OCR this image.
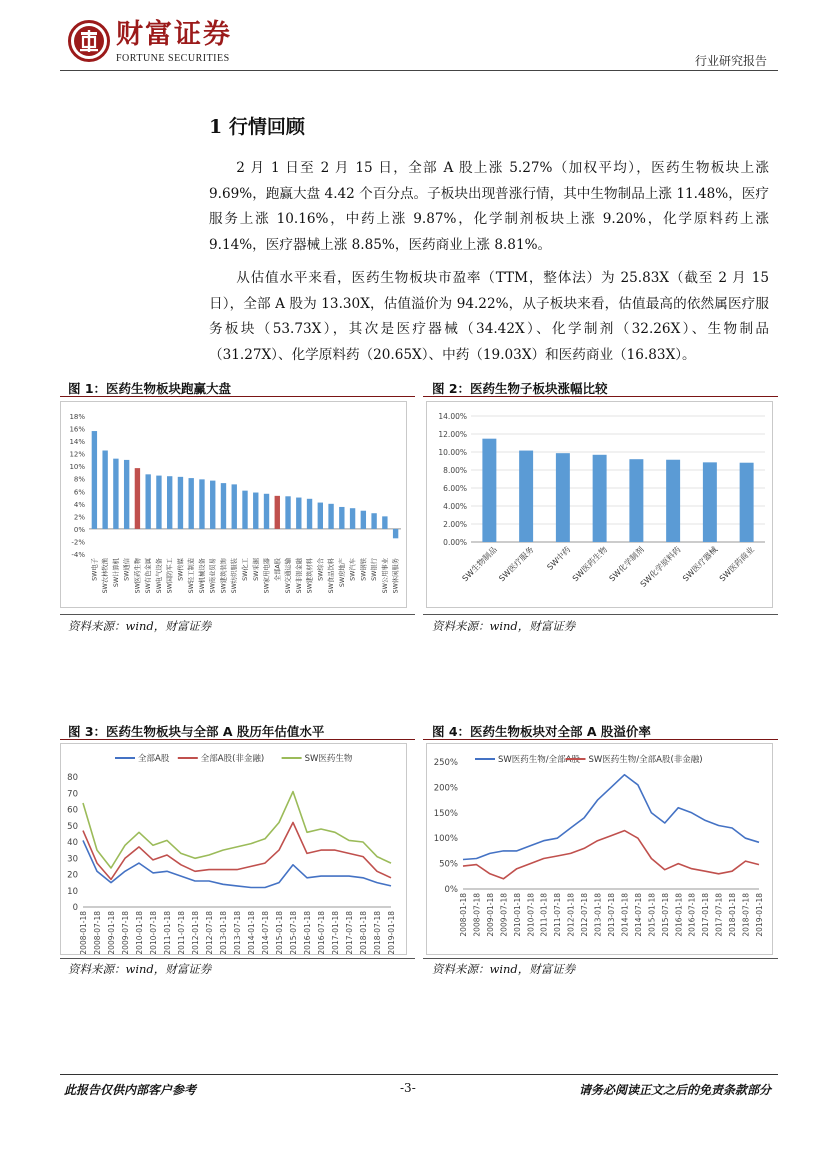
财富证券
FORTUNE SECURITIES	行业研究报告
1 行情回顾
2 月 1 日至 2 月 15 日，全部 A 股上涨 5.27%（加权平均），医药生物板块上涨 9.69%，跑赢大盘 4.42 个百分点。子板块出现普涨行情，其中生物制品上涨 11.48%，医疗服务上涨 10.16%，中药上涨 9.87%，化学制剂板块上涨 9.20%，化学原料药上涨 9.14%，医疗器械上涨 8.85%，医药商业上涨 8.81%。
从估值水平来看，医药生物板块市盈率（TTM，整体法）为 25.83X（截至 2 月 15 日），全部 A 股为 13.30X，估值溢价为 94.22%，从子板块来看，估值最高的依然属医疗服务板块（53.73X），其次是医疗器械（34.42X）、化学制剂（32.26X）、生物制品（31.27X）、化学原料药（20.65X）、中药（19.03X）和医药商业（16.83X）。
图 1：医药生物板块跑赢大盘
-4%
-2%
0%
2%
4%
6%
8%
10%
12%
14%
16%
18%
SW电子 SW农林牧渔 SW计算机 SW通信 SW医药生物 SW有色金属 SW电气设备 SW国防军工 SW传媒 SW轻工制造 SW机械设备 SW商业贸易 SW建筑装饰 SW纺织服装 SW化工 SW采掘 SW家用电器 全部A股 SW交通运输 SW非银金融 SW建筑材料 SW综合 SW食品饮料 SW房地产 SW汽车 SW钢铁 SW银行 SW公用事业 SW休闲服务
资料来源：wind，财富证券
图 2：医药生物子板块涨幅比较
0.00%
2.00%
4.00%
6.00%
8.00%
10.00%
12.00%
14.00%
SW生物制品
SW医疗服务 SW中药
SW医药生物
SW化学制剂
SW化学原料药
SW医疗器械
SW医药商业
资料来源：wind，财富证券
图 3：医药生物板块与全部 A 股历年估值水平
0
10
20
30
40
50
60
70
80
2008-01-18 2008-07-18 2009-01-18 2009-07-18 2010-01-18 2010-07-18 2011-01-18 2011-07-18 2012-01-18 2012-07-18 2013-01-18 2013-07-18 2014-01-18 2014-07-18 2015-01-18 2015-07-18 2016-01-18 2016-07-18 2017-01-18 2017-07-18 2018-01-18 2018-07-18 2019-01-18
全部A股	全部A股(非金融)	SW医药生物
资料来源：wind，财富证券
图 4：医药生物板块对全部 A 股溢价率
0%
50%
100%
150%
200%
250%
2008-01-18 2008-07-18 2009-01-18 2009-07-18 2010-01-18 2010-07-18 2011-01-18 2011-07-18 2012-01-18 2012-07-18 2013-01-18 2013-07-18 2014-01-18 2014-07-18 2015-01-18 2015-07-18 2016-01-18 2016-07-18 2017-01-18 2017-07-18 2018-01-18 2018-07-18 2019-01-18
SW医药生物/全部A股 SW医药生物/全部A股(非金融)
资料来源：wind，财富证券
此报告仅供内部客户参考	-3-	请务必阅读正文之后的免责条款部分
